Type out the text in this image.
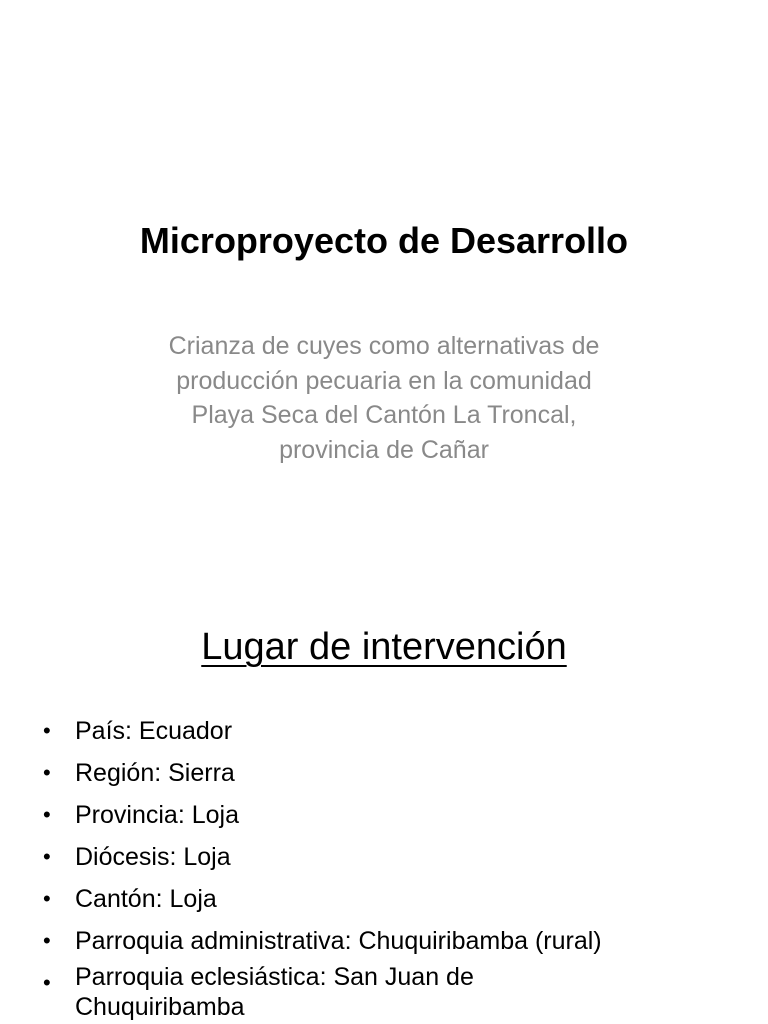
Microproyecto de Desarrollo
Crianza de cuyes como alternativas de
producción pecuaria en la comunidad
Playa Seca del Cantón La Troncal,
provincia de Cañar
Lugar de intervención
• País: Ecuador
• Región: Sierra
• Provincia: Loja
• Diócesis: Loja
• Cantón: Loja
• Parroquia administrativa: Chuquiribamba (rural)
• Parroquia eclesiástica: San Juan de
Chuquiribamba
